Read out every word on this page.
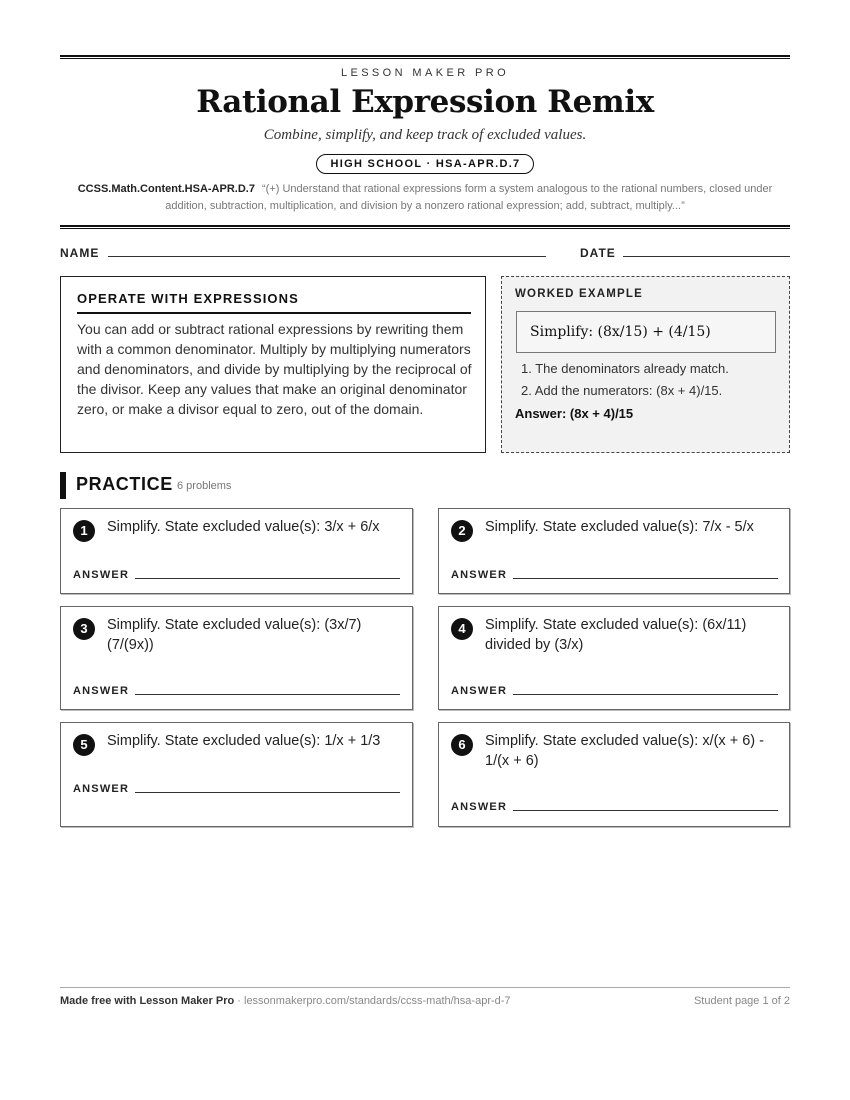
LESSON MAKER PRO
Rational Expression Remix
Combine, simplify, and keep track of excluded values.
HIGH SCHOOL · HSA-APR.D.7
CCSS.Math.Content.HSA-APR.D.7 “(+) Understand that rational expressions form a system analogous to the rational numbers, closed under addition, subtraction, multiplication, and division by a nonzero rational expression; add, subtract, multiply...”
NAME	DATE
OPERATE WITH EXPRESSIONS
You can add or subtract rational expressions by rewriting them with a common denominator. Multiply by multiplying numerators and denominators, and divide by multiplying by the reciprocal of the divisor. Keep any values that make an original denominator zero, or make a divisor equal to zero, out of the domain.
WORKED EXAMPLE
Simplify: (8x/15) + (4/15)
1. The denominators already match.
2. Add the numerators: (8x + 4)/15.
Answer: (8x + 4)/15
PRACTICE 6 problems
1	Simplify. State excluded value(s): 3/x + 6/x
ANSWER
2	Simplify. State excluded value(s): 7/x - 5/x
ANSWER
3	Simplify. State excluded value(s): (3x/7) (7/(9x))
ANSWER
4	Simplify. State excluded value(s): (6x/11) divided by (3/x)
ANSWER
5	Simplify. State excluded value(s): 1/x + 1/3
ANSWER
6	Simplify. State excluded value(s): x/(x + 6) - 1/(x + 6)
ANSWER
Made free with Lesson Maker Pro · lessonmakerpro.com/standards/ccss-math/hsa-apr-d-7	Student page 1 of 2
